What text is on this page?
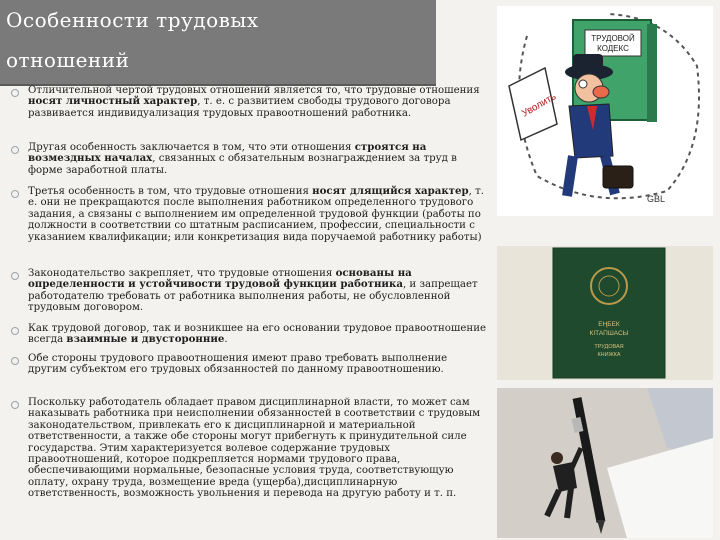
Особенности трудовых
отношений
Отличительной чертой трудовых отношений является то, что трудовые отношения носят личностный характер, т. е. с развитием свободы трудового договора развивается индивидуализация трудовых правоотношений работника.
Другая особенность заключается в том, что эти отношения строятся на возмездных началах, связанных с обязательным вознаграждением за труд в форме заработной платы.
Третья особенность в том, что трудовые отношения носят длящийся характер, т. е. они не прекращаются после выполнения работником определенного трудового задания, а связаны с выполнением им определенной трудовой функции (работы по должности в соответствии со штатным расписанием, профессии, специальности с указанием квалификации; или конкретизация вида поручаемой работнику работы)
Законодательство закрепляет, что трудовые отношения основаны на определенности и устойчивости трудовой функции работника, и запрещает работодателю требовать от работника выполнения работы, не обусловленной трудовым договором.
Как трудовой договор, так и возникшее на его основании трудовое правоотношение всегда взаимные и двусторонние.
Обе стороны трудового правоотношения имеют право требовать выполнение другим субъектом его трудовых обязанностей по данному правоотношению.
Поскольку работодатель обладает правом дисциплинарной власти, то может сам наказывать работника при неисполнении обязанностей в соответствии с трудовым законодательством, привлекать его к дисциплинарной и материальной ответственности, а также обе стороны могут прибегнуть к принудительной силе государства. Этим характеризуется волевое содержание трудовых правоотношений, которое подкрепляется нормами трудового права, обеспечивающими нормальные, безопасные условия труда, соответствующую оплату, охрану труда, возмещение вреда (ущерба),дисциплинарную ответственность, возможность увольнения и перевода на другую работу и т. п.
ТРУДОВОЙ
КОДЕКС
Уволить
GBL
ЕҢБЕК
КІТАПШАСЫ
ТРУДОВАЯ
КНИЖКА
